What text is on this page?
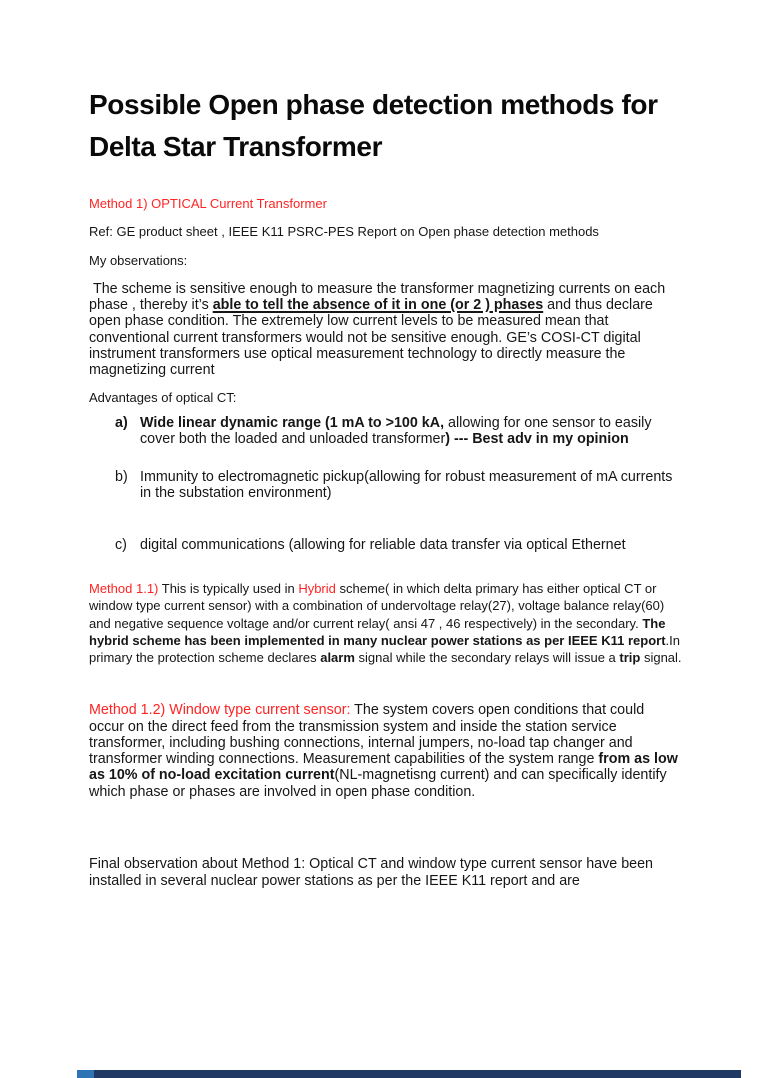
Possible Open phase detection methods for
Delta Star Transformer

Method 1) OPTICAL Current Transformer

Ref: GE product sheet , IEEE K11 PSRC-PES Report on Open phase detection methods

My observations:

The scheme is sensitive enough to measure the transformer magnetizing currents on each phase , thereby it’s able to tell the absence of it in one (or 2 ) phases and thus declare open phase condition. The extremely low current levels to be measured mean that conventional current transformers would not be sensitive enough. GE’s COSI-CT digital instrument transformers use optical measurement technology to directly measure the magnetizing current

Advantages of optical CT:

a) Wide linear dynamic range (1 mA to >100 kA, allowing for one sensor to easily cover both the loaded and unloaded transformer) --- Best adv in my opinion
b) Immunity to electromagnetic pickup(allowing for robust measurement of mA currents in the substation environment)
c) digital communications (allowing for reliable data transfer via optical Ethernet

Method 1.1) This is typically used in Hybrid scheme( in which delta primary has either optical CT or window type current sensor) with a combination of undervoltage relay(27), voltage balance relay(60) and negative sequence voltage and/or current relay( ansi 47 , 46 respectively) in the secondary. The hybrid scheme has been implemented in many nuclear power stations as per IEEE K11 report.In primary the protection scheme declares alarm signal while the secondary relays will issue a trip signal.

Method 1.2) Window type current sensor: The system covers open conditions that could occur on the direct feed from the transmission system and inside the station service transformer, including bushing connections, internal jumpers, no-load tap changer and transformer winding connections. Measurement capabilities of the system range from as low as 10% of no-load excitation current(NL-magnetisng current) and can specifically identify which phase or phases are involved in open phase condition.

Final observation about Method 1: Optical CT and window type current sensor have been installed in several nuclear power stations as per the IEEE K11 report and are
